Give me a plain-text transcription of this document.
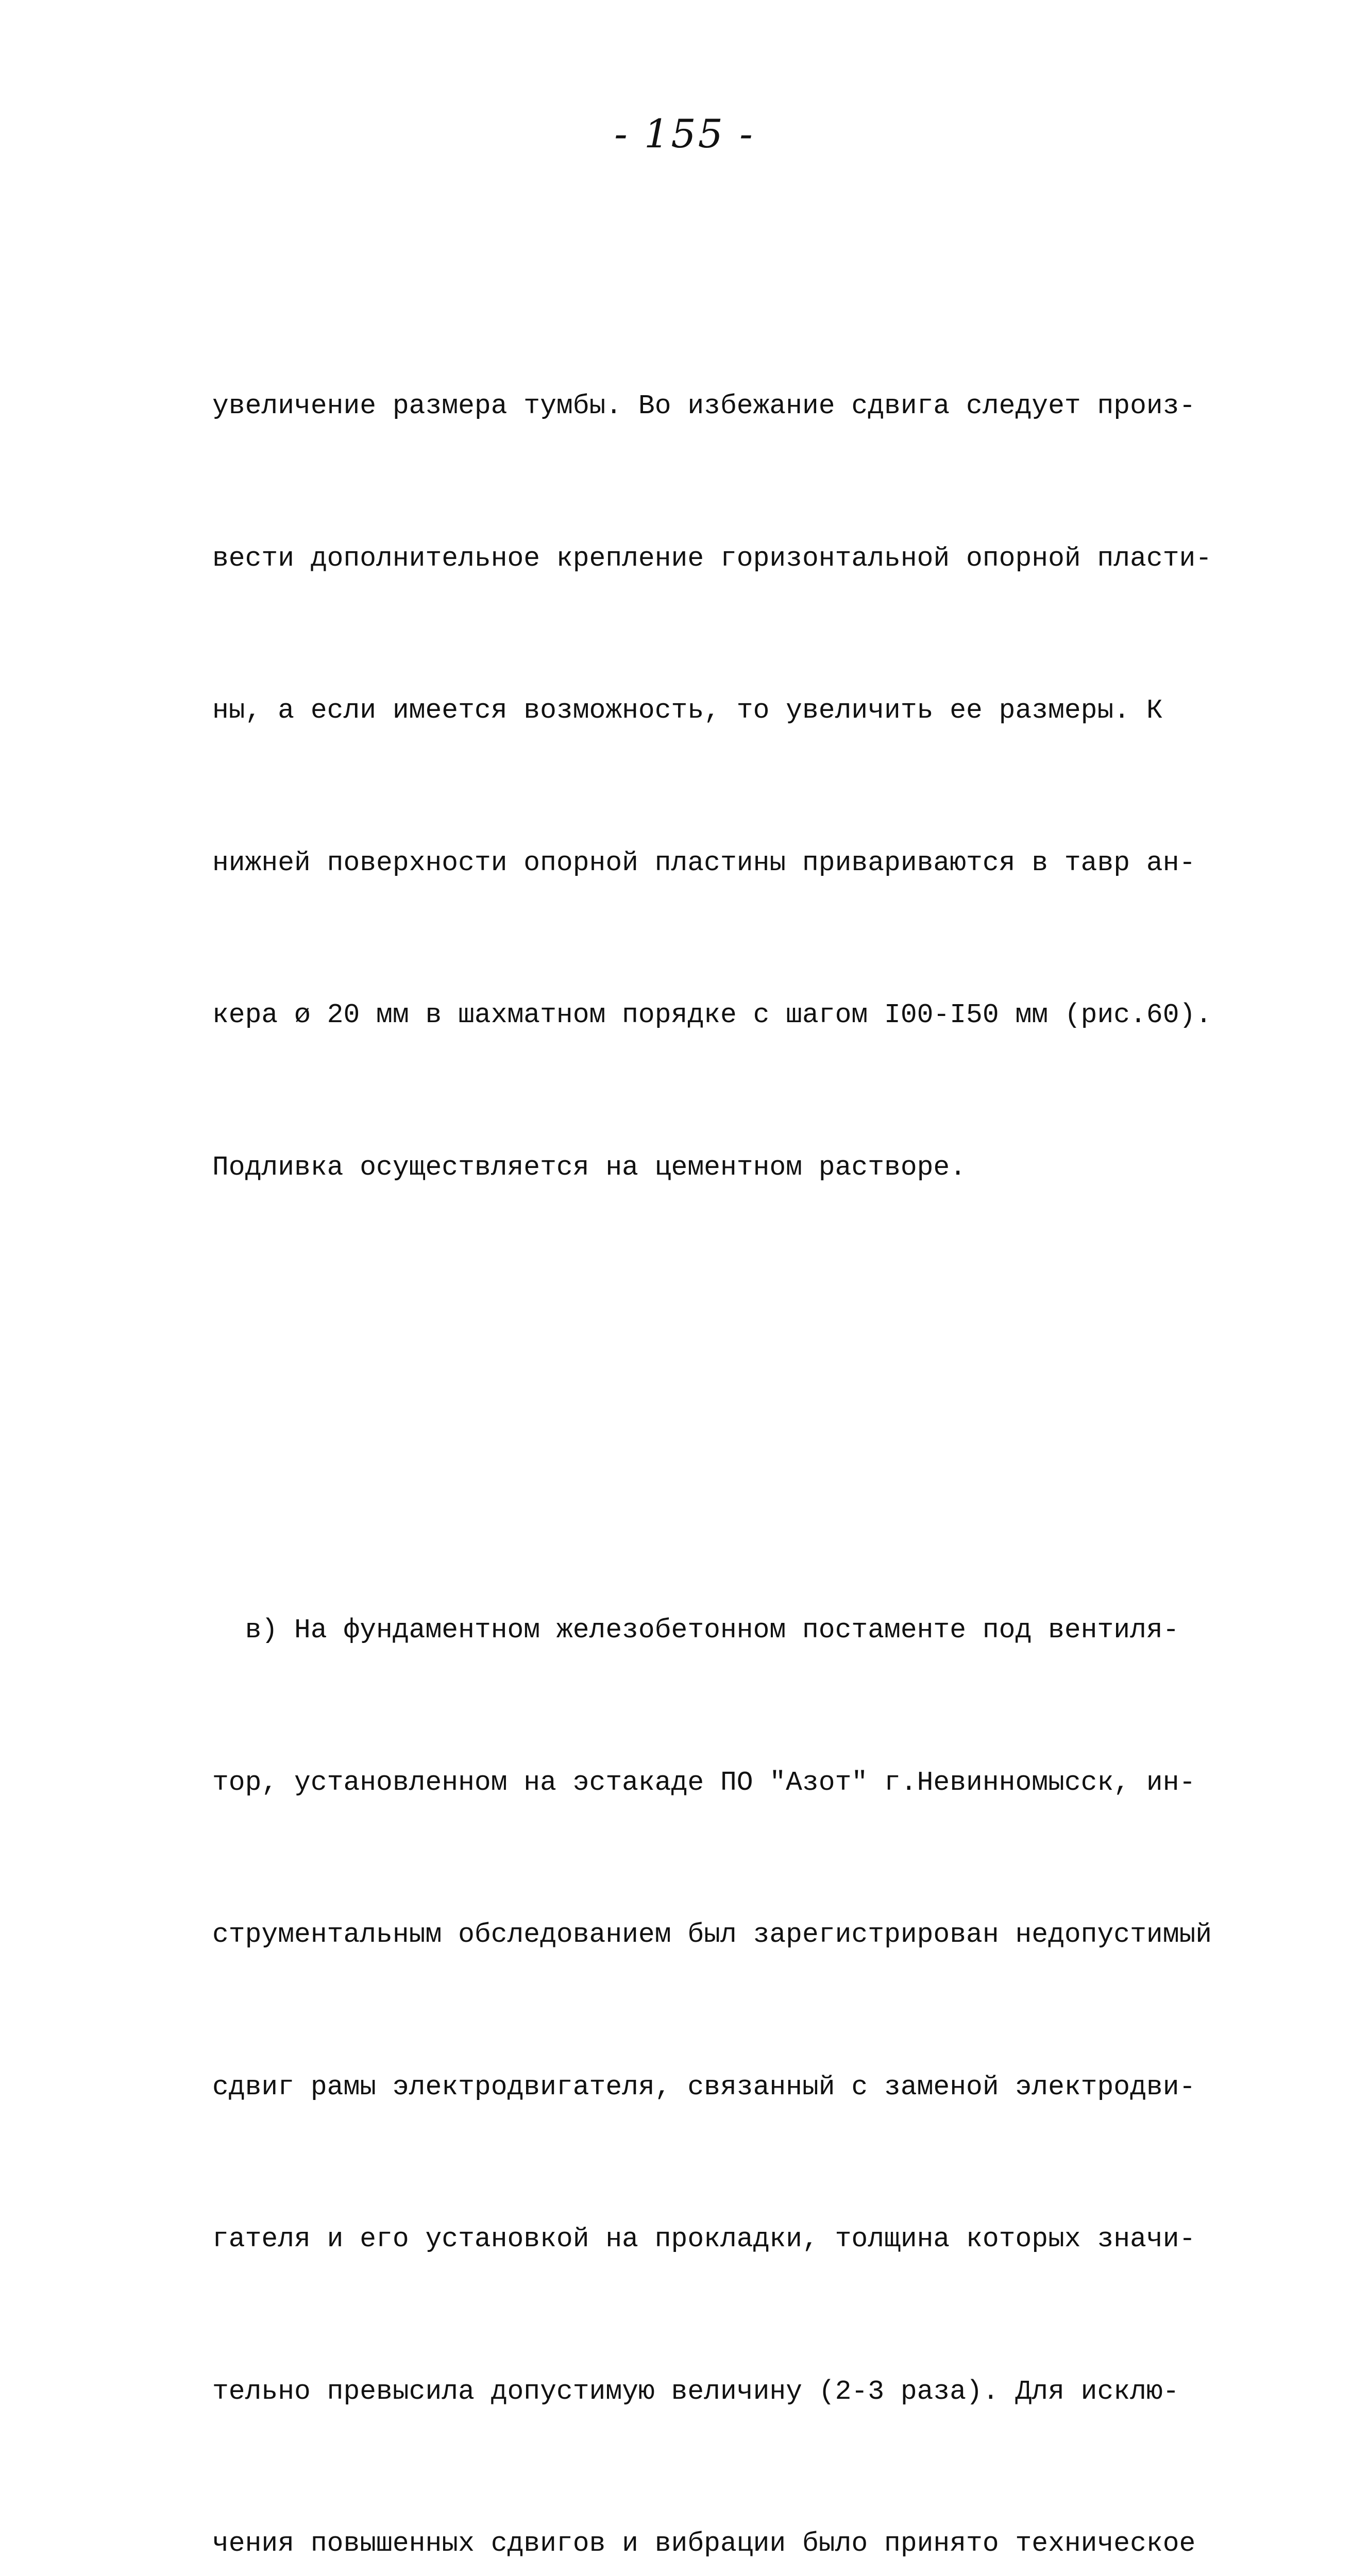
- 155 -

увеличение размера тумбы. Во избежание сдвига следует произ-

вести дополнительное крепление горизонтальной опорной пласти-

ны, а если имеется возможность, то увеличить ее размеры. К

нижней поверхности опорной пластины привариваются в тавр ан-

кера ø 20 мм в шахматном порядке с шагом I00-I50 мм (рис.60).

Подливка осуществляется на цементном растворе.

в) На фундаментном железобетонном постаменте под вентиля-

тор, установленном на эстакаде ПО "Азот" г.Невинномысск, ин-

струментальным обследованием был зарегистрирован недопустимый

сдвиг рамы электродвигателя, связанный с заменой электродви-

гателя и его установкой на прокладки, толщина которых значи-

тельно превысила допустимую величину (2-3 раза). Для исклю-

чения повышенных сдвигов и вибрации было принято техническое
